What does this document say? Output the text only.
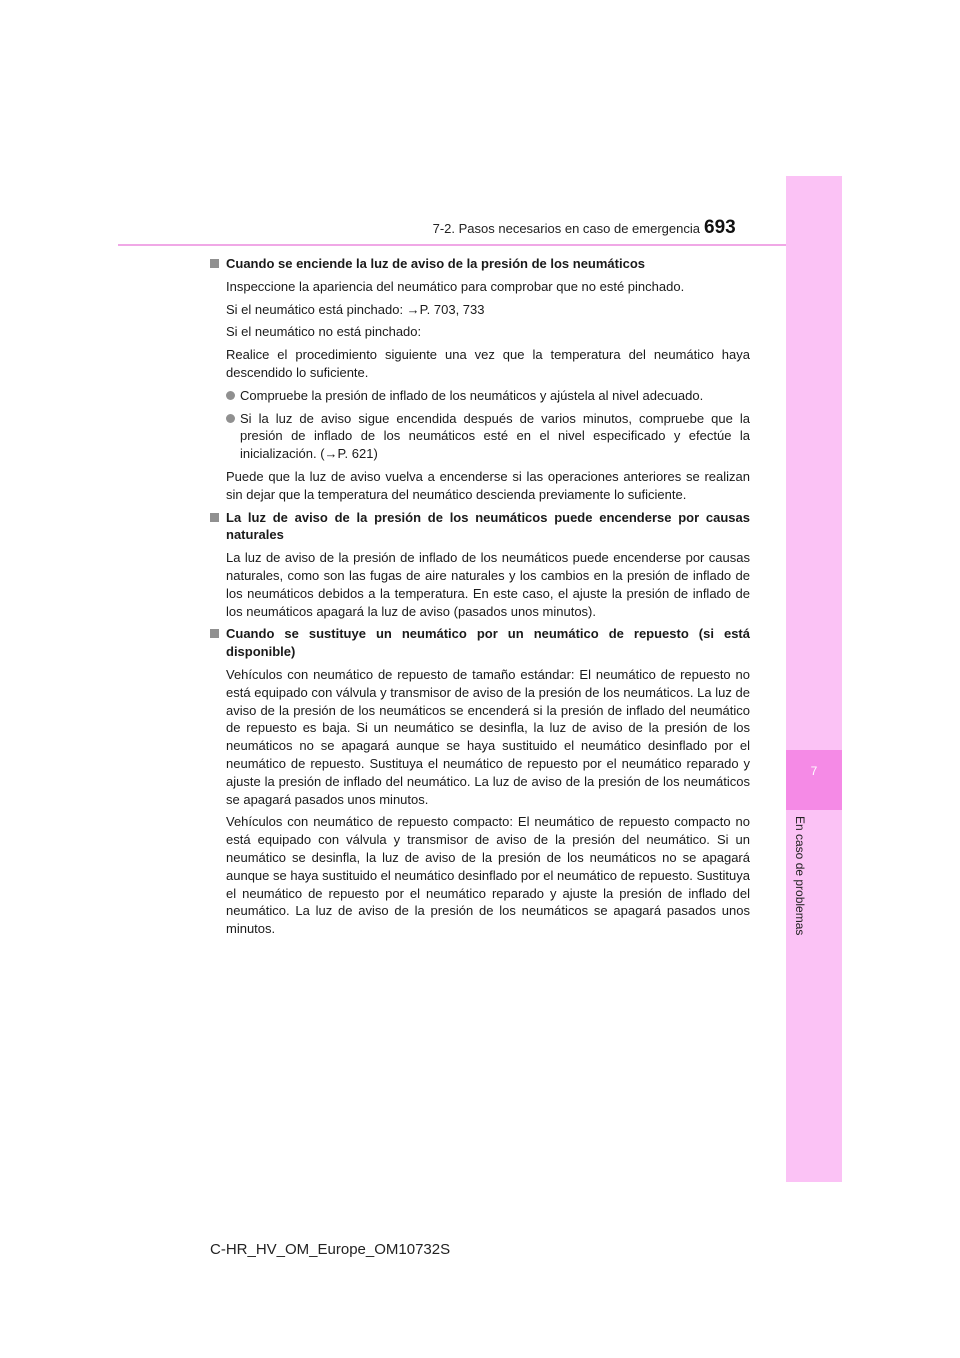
7-2. Pasos necesarios en caso de emergencia 693
7
En caso de problemas

Cuando se enciende la luz de aviso de la presión de los neumáticos

Inspeccione la apariencia del neumático para comprobar que no esté pinchado.

Si el neumático está pinchado: →P. 703, 733

Si el neumático no está pinchado:

Realice el procedimiento siguiente una vez que la temperatura del neumático haya descendido lo suficiente.

Compruebe la presión de inflado de los neumáticos y ajústela al nivel adecuado.

Si la luz de aviso sigue encendida después de varios minutos, compruebe que la presión de inflado de los neumáticos esté en el nivel especificado y efectúe la inicialización. (→P. 621)

Puede que la luz de aviso vuelva a encenderse si las operaciones anteriores se realizan sin dejar que la temperatura del neumático descienda previamente lo suficiente.

La luz de aviso de la presión de los neumáticos puede encenderse por causas naturales

La luz de aviso de la presión de inflado de los neumáticos puede encenderse por causas naturales, como son las fugas de aire naturales y los cambios en la presión de inflado de los neumáticos debidos a la temperatura. En este caso, el ajuste la presión de inflado de los neumáticos apagará la luz de aviso (pasados unos minutos).

Cuando se sustituye un neumático por un neumático de repuesto (si está disponible)

Vehículos con neumático de repuesto de tamaño estándar: El neumático de repuesto no está equipado con válvula y transmisor de aviso de la presión de los neumáticos. La luz de aviso de la presión de los neumáticos se encenderá si la presión de inflado del neumático de repuesto es baja. Si un neumático se desinfla, la luz de aviso de la presión de los neumáticos no se apagará aunque se haya sustituido el neumático desinflado por el neumático de repuesto. Sustituya el neumático de repuesto por el neumático reparado y ajuste la presión de inflado del neumático. La luz de aviso de la presión de los neumáticos se apagará pasados unos minutos.

Vehículos con neumático de repuesto compacto: El neumático de repuesto compacto no está equipado con válvula y transmisor de aviso de la presión del neumático. Si un neumático se desinfla, la luz de aviso de la presión de los neumáticos no se apagará aunque se haya sustituido el neumático desinflado por el neumático de repuesto. Sustituya el neumático de repuesto por el neumático reparado y ajuste la presión de inflado del neumático. La luz de aviso de la presión de los neumáticos se apagará pasados unos minutos.

C-HR_HV_OM_Europe_OM10732S
